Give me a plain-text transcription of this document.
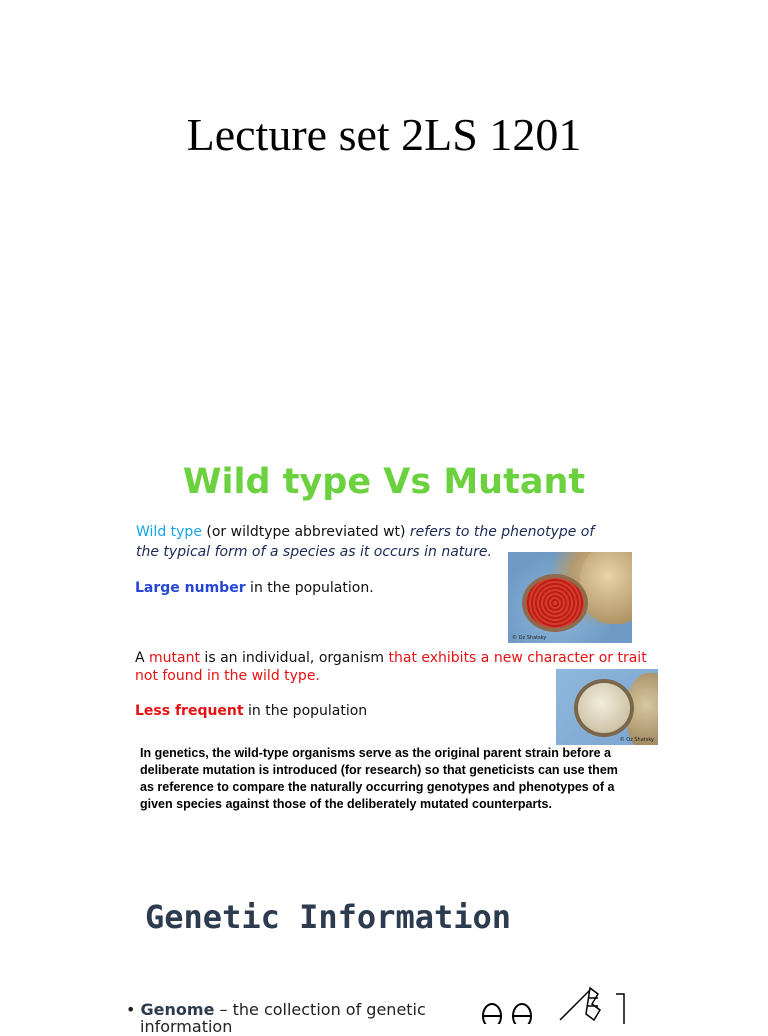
Lecture set 2LS 1201
Wild type Vs Mutant
Wild type (or wildtype abbreviated wt) refers to the phenotype of
the typical form of a species as it occurs in nature.
Large number in the population.
© Oz Shatsky
A mutant is an individual, organism that exhibits a new character or trait
not found in the wild type.
© Oz Shatsky
Less frequent in the population
In genetics, the wild-type organisms serve as the original parent strain before a deliberate mutation is introduced (for research) so that geneticists can use them as reference to compare the naturally occurring genotypes and phenotypes of a given species against those of the deliberately mutated counterparts.
Genetic Information
• Genome – the collection of genetic
information
